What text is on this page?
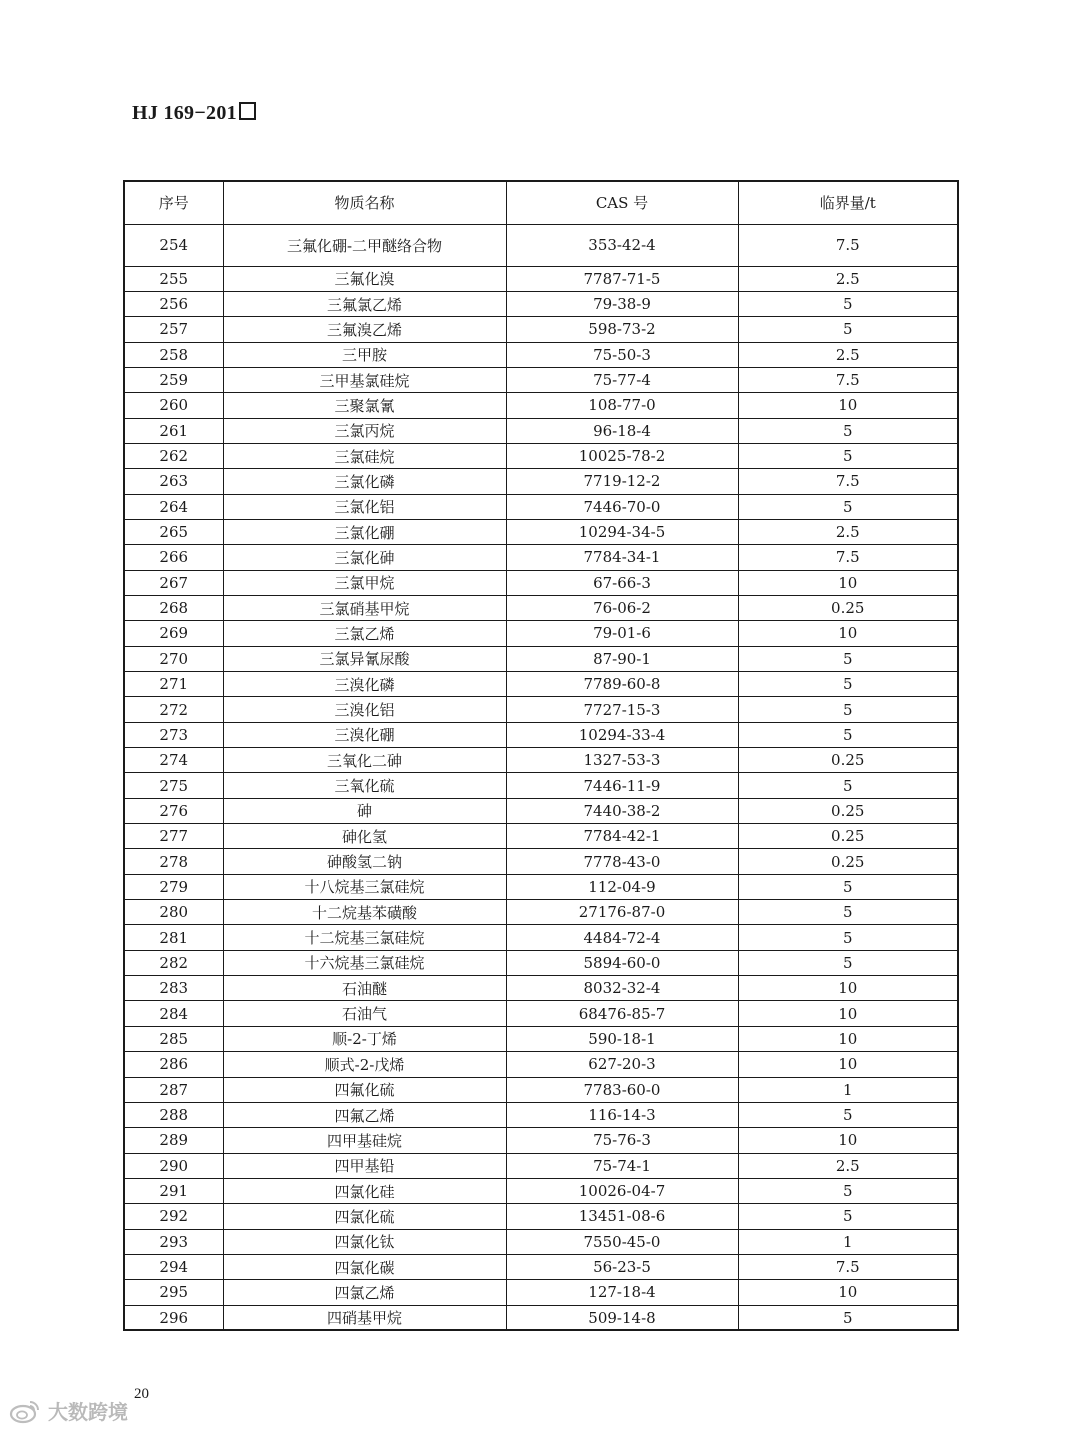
HJ 169−201
序号	物质名称	CAS 号	临界量/t
254	三氟化硼-二甲醚络合物	353-42-4	7.5
255	三氟化溴	7787-71-5	2.5
256	三氟氯乙烯	79-38-9	5
257	三氟溴乙烯	598-73-2	5
258	三甲胺	75-50-3	2.5
259	三甲基氯硅烷	75-77-4	7.5
260	三聚氯氰	108-77-0	10
261	三氯丙烷	96-18-4	5
262	三氯硅烷	10025-78-2	5
263	三氯化磷	7719-12-2	7.5
264	三氯化铝	7446-70-0	5
265	三氯化硼	10294-34-5	2.5
266	三氯化砷	7784-34-1	7.5
267	三氯甲烷	67-66-3	10
268	三氯硝基甲烷	76-06-2	0.25
269	三氯乙烯	79-01-6	10
270	三氯异氰尿酸	87-90-1	5
271	三溴化磷	7789-60-8	5
272	三溴化铝	7727-15-3	5
273	三溴化硼	10294-33-4	5
274	三氧化二砷	1327-53-3	0.25
275	三氧化硫	7446-11-9	5
276	砷	7440-38-2	0.25
277	砷化氢	7784-42-1	0.25
278	砷酸氢二钠	7778-43-0	0.25
279	十八烷基三氯硅烷	112-04-9	5
280	十二烷基苯磺酸	27176-87-0	5
281	十二烷基三氯硅烷	4484-72-4	5
282	十六烷基三氯硅烷	5894-60-0	5
283	石油醚	8032-32-4	10
284	石油气	68476-85-7	10
285	顺-2-丁烯	590-18-1	10
286	顺式-2-戊烯	627-20-3	10
287	四氟化硫	7783-60-0	1
288	四氟乙烯	116-14-3	5
289	四甲基硅烷	75-76-3	10
290	四甲基铅	75-74-1	2.5
291	四氯化硅	10026-04-7	5
292	四氯化硫	13451-08-6	5
293	四氯化钛	7550-45-0	1
294	四氯化碳	56-23-5	7.5
295	四氯乙烯	127-18-4	10
296	四硝基甲烷	509-14-8	5
20
大数跨境
